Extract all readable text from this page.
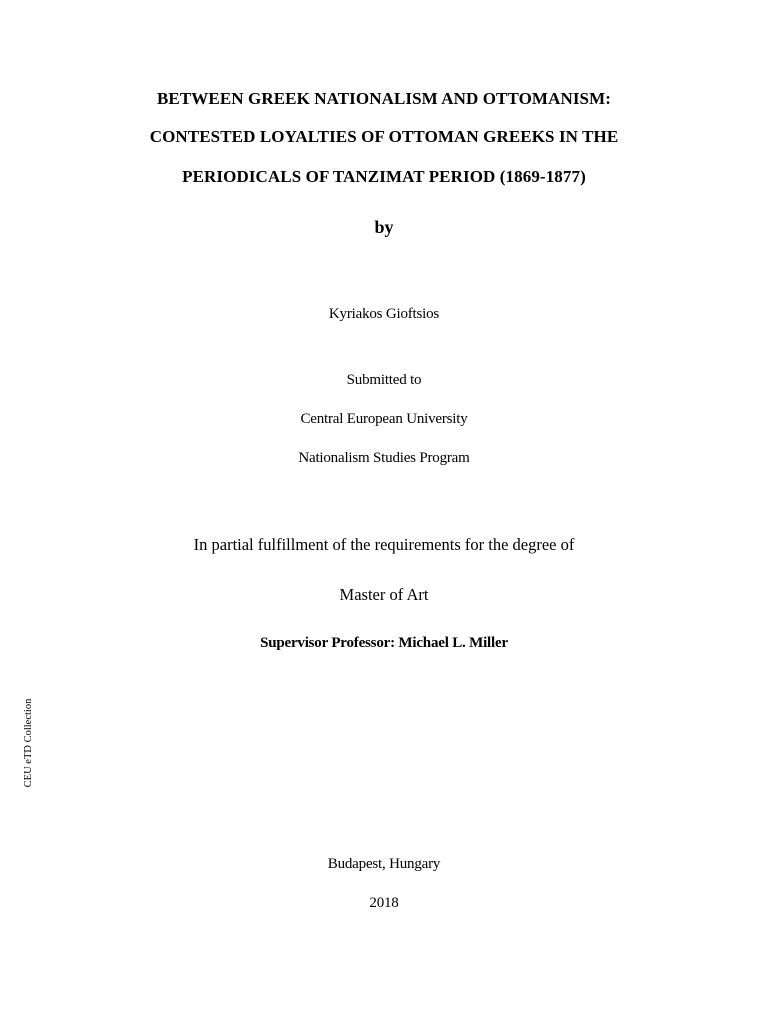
BETWEEN GREEK NATIONALISM AND OTTOMANISM:
CONTESTED LOYALTIES OF OTTOMAN GREEKS IN THE
PERIODICALS OF TANZIMAT PERIOD (1869-1877)
by
Kyriakos Gioftsios
Submitted to
Central European University
Nationalism Studies Program
In partial fulfillment of the requirements for the degree of
Master of Art
Supervisor Professor: Michael L. Miller
Budapest, Hungary
2018
CEU eTD Collection
